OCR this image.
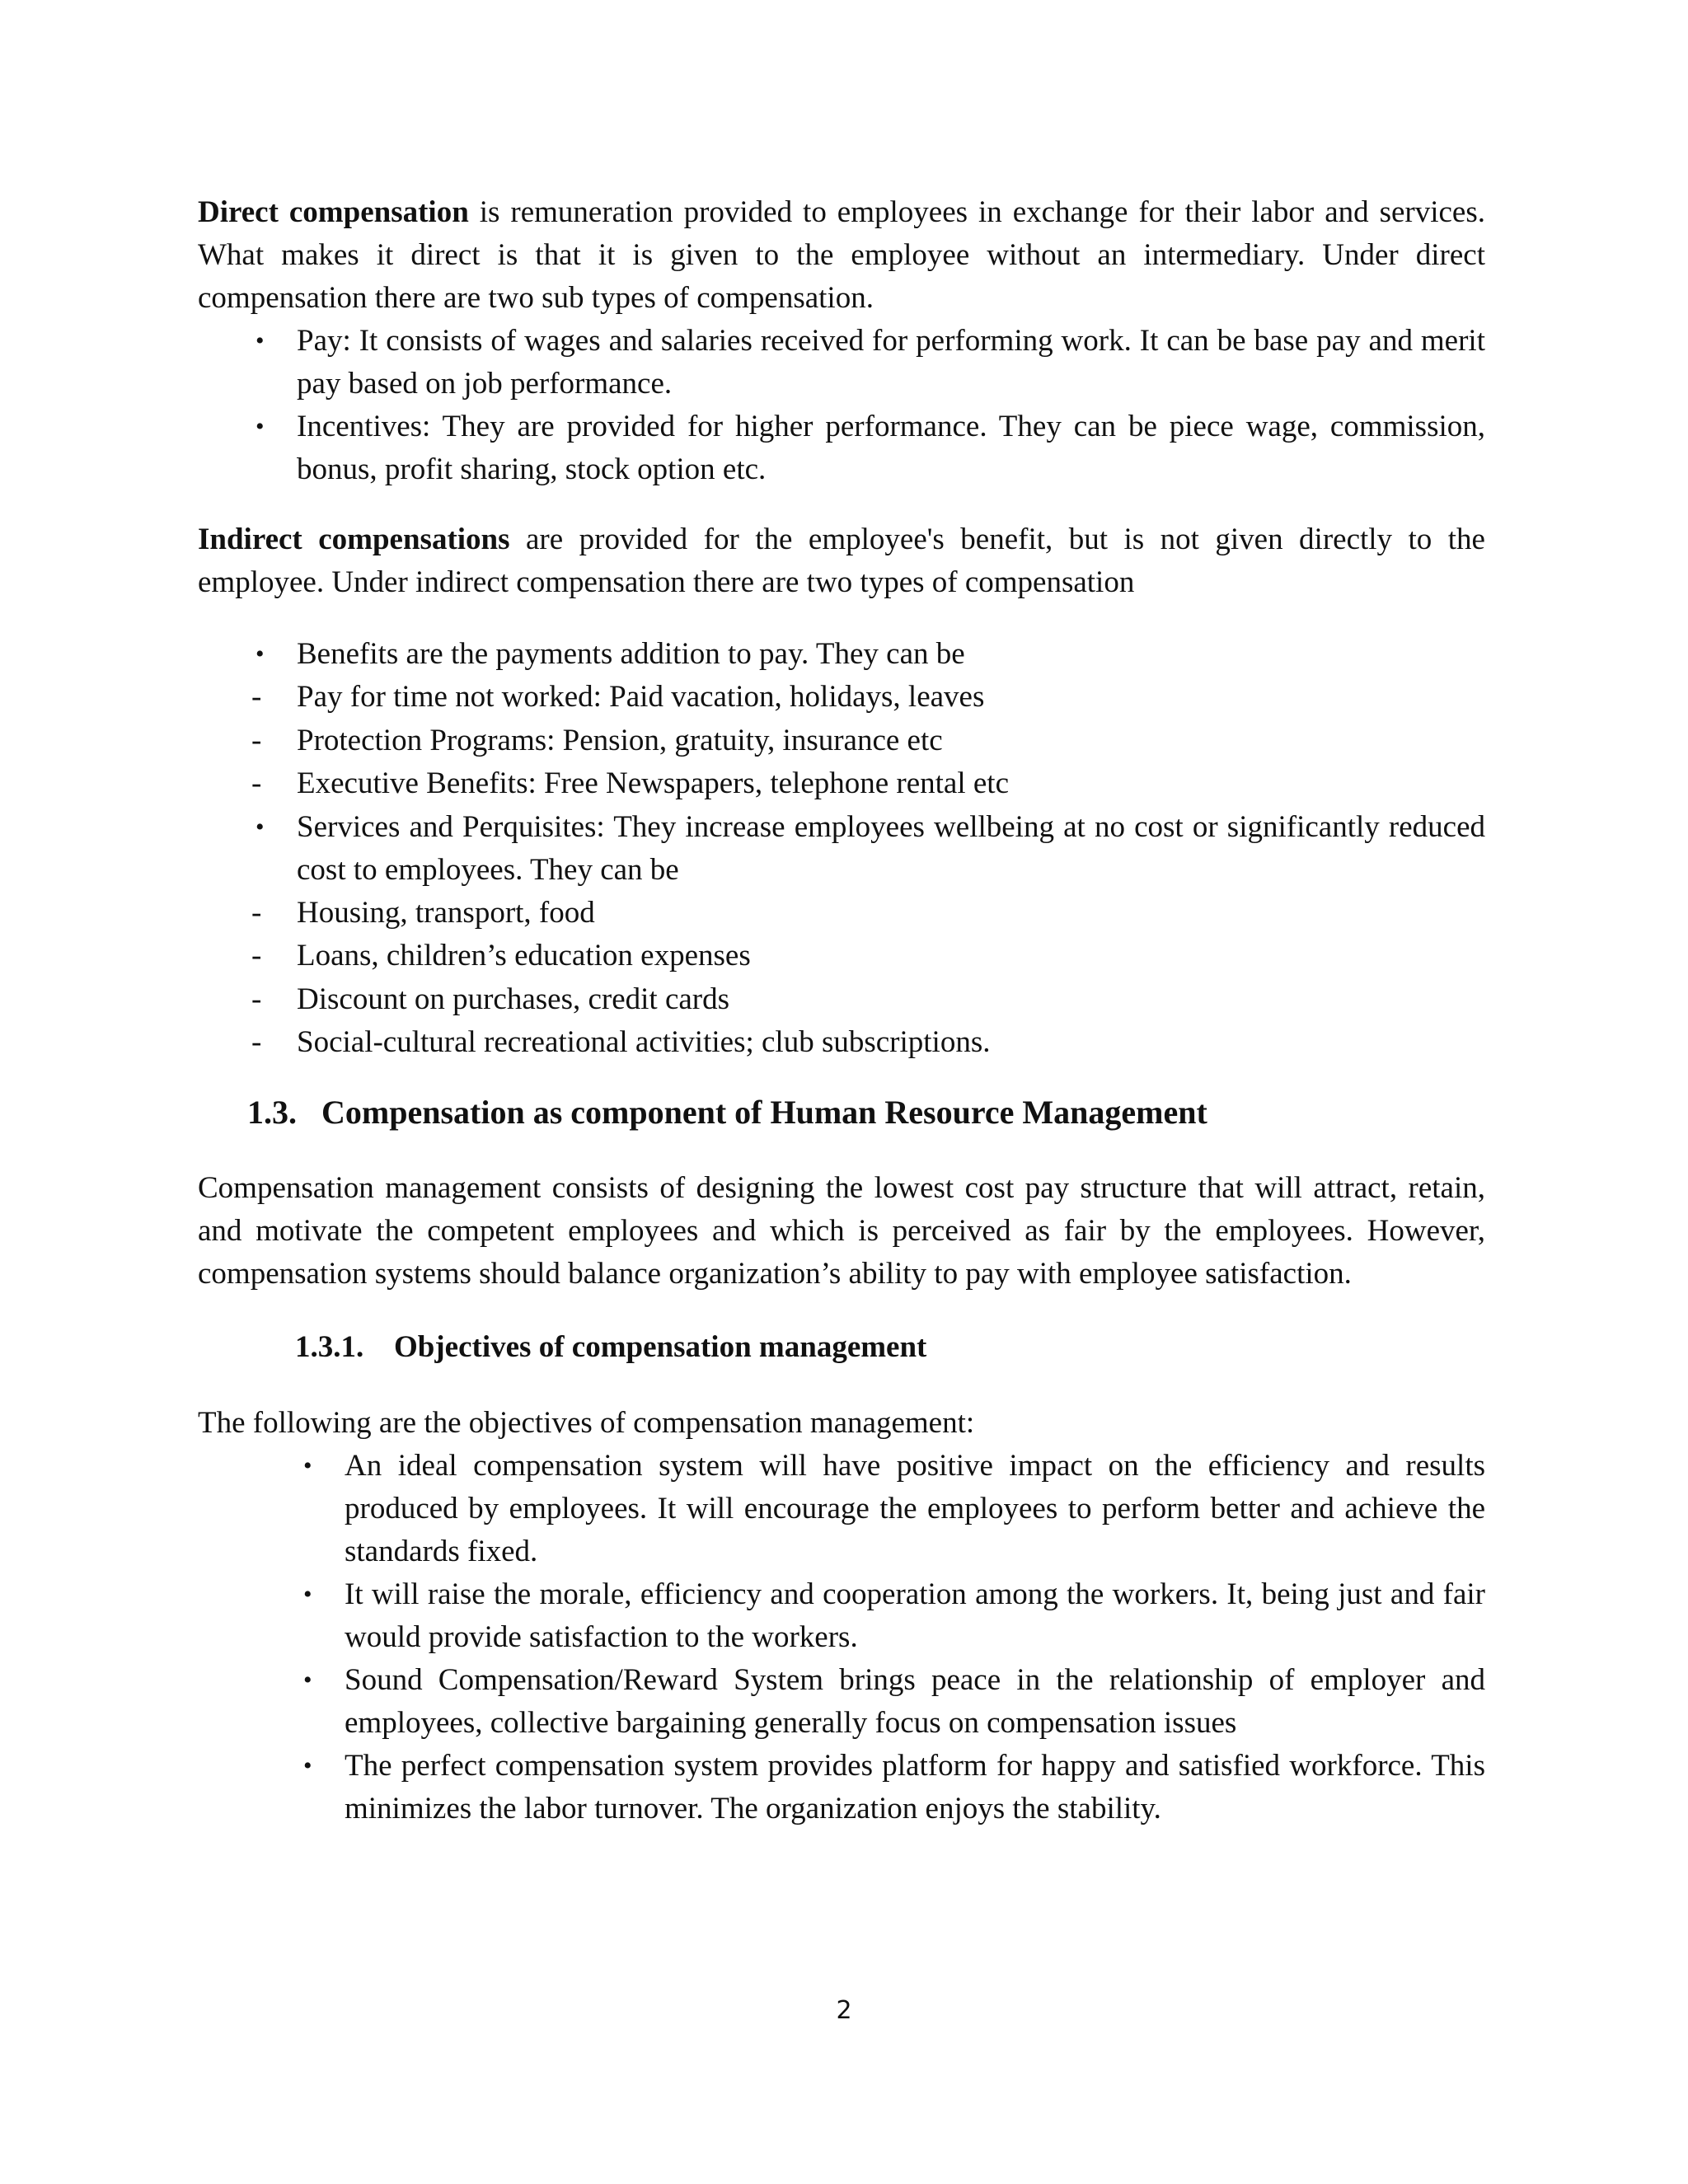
Direct compensation is remuneration provided to employees in exchange for their labor and services. What makes it direct is that it is given to the employee without an intermediary. Under direct compensation there are two sub types of compensation.

• Pay: It consists of wages and salaries received for performing work. It can be base pay and merit pay based on job performance.
• Incentives: They are provided for higher performance. They can be piece wage, commission, bonus, profit sharing, stock option etc.

Indirect compensations are provided for the employee's benefit, but is not given directly to the employee. Under indirect compensation there are two types of compensation

• Benefits are the payments addition to pay. They can be
- Pay for time not worked: Paid vacation, holidays, leaves
- Protection Programs: Pension, gratuity, insurance etc
- Executive Benefits: Free Newspapers, telephone rental etc
• Services and Perquisites: They increase employees wellbeing at no cost or significantly reduced cost to employees. They can be
- Housing, transport, food
- Loans, children’s education expenses
- Discount on purchases, credit cards
- Social-cultural recreational activities; club subscriptions.
1.3. Compensation as component of Human Resource Management

Compensation management consists of designing the lowest cost pay structure that will attract, retain, and motivate the competent employees and which is perceived as fair by the employees. However, compensation systems should balance organization’s ability to pay with employee satisfaction.

1.3.1. Objectives of compensation management

The following are the objectives of compensation management:

• An ideal compensation system will have positive impact on the efficiency and results produced by employees. It will encourage the employees to perform better and achieve the standards fixed.
• It will raise the morale, efficiency and cooperation among the workers. It, being just and fair would provide satisfaction to the workers.
• Sound Compensation/Reward System brings peace in the relationship of employer and employees, collective bargaining generally focus on compensation issues
• The perfect compensation system provides platform for happy and satisfied workforce. This minimizes the labor turnover. The organization enjoys the stability.
2
